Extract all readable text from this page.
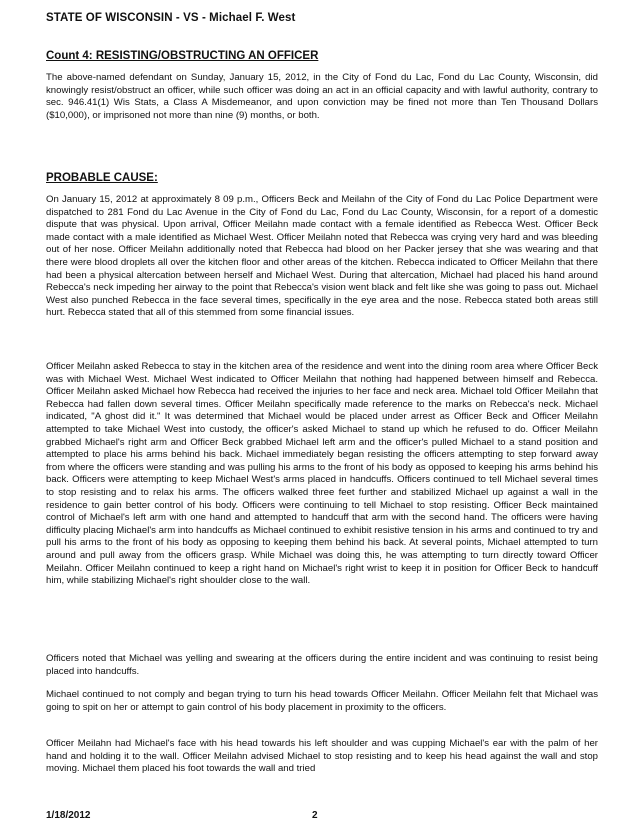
STATE OF WISCONSIN - VS - Michael F. West
Count 4: RESISTING/OBSTRUCTING AN OFFICER
The above-named defendant on Sunday, January 15, 2012, in the City of Fond du Lac, Fond du Lac County, Wisconsin, did knowingly resist/obstruct an officer, while such officer was doing an act in an official capacity and with lawful authority, contrary to sec. 946.41(1) Wis Stats, a Class A Misdemeanor, and upon conviction may be fined not more than Ten Thousand Dollars ($10,000), or imprisoned not more than nine (9) months, or both.
PROBABLE CAUSE:
On January 15, 2012 at approximately 8 09 p.m., Officers Beck and Meilahn of the City of Fond du Lac Police Department were dispatched to 281 Fond du Lac Avenue in the City of Fond du Lac, Fond du Lac County, Wisconsin, for a report of a domestic dispute that was physical. Upon arrival, Officer Meilahn made contact with a female identified as Rebecca West. Officer Beck made contact with a male identified as Michael West. Officer Meilahn noted that Rebecca was crying very hard and was bleeding out of her nose. Officer Meilahn additionally noted that Rebecca had blood on her Packer jersey that she was wearing and that there were blood droplets all over the kitchen floor and other areas of the kitchen. Rebecca indicated to Officer Meilahn that there had been a physical altercation between herself and Michael West. During that altercation, Michael had placed his hand around Rebecca's neck impeding her airway to the point that Rebecca's vision went black and felt like she was going to pass out. Michael West also punched Rebecca in the face several times, specifically in the eye area and the nose. Rebecca stated both areas still hurt. Rebecca stated that all of this stemmed from some financial issues.
Officer Meilahn asked Rebecca to stay in the kitchen area of the residence and went into the dining room area where Officer Beck was with Michael West. Michael West indicated to Officer Meilahn that nothing had happened between himself and Rebecca. Officer Meilahn asked Michael how Rebecca had received the injuries to her face and neck area. Michael told Officer Meilahn that Rebecca had fallen down several times. Officer Meilahn specifically made reference to the marks on Rebecca's neck. Michael indicated, "A ghost did it." It was determined that Michael would be placed under arrest as Officer Beck and Officer Meilahn attempted to take Michael West into custody, the officer's asked Michael to stand up which he refused to do. Officer Meilahn grabbed Michael's right arm and Officer Beck grabbed Michael left arm and the officer's pulled Michael to a stand position and attempted to place his arms behind his back. Michael immediately began resisting the officers attempting to step forward away from where the officers were standing and was pulling his arms to the front of his body as opposed to keeping his arms behind his back. Officers were attempting to keep Michael West's arms placed in handcuffs. Officers continued to tell Michael several times to stop resisting and to relax his arms. The officers walked three feet further and stabilized Michael up against a wall in the residence to gain better control of his body. Officers were continuing to tell Michael to stop resisting. Officer Beck maintained control of Michael's left arm with one hand and attempted to handcuff that arm with the second hand. The officers were having difficulty placing Michael's arm into handcuffs as Michael continued to exhibit resistive tension in his arms and continued to try and pull his arms to the front of his body as opposing to keeping them behind his back. At several points, Michael attempted to turn around and pull away from the officers grasp. While Michael was doing this, he was attempting to turn directly toward Officer Meilahn. Officer Meilahn continued to keep a right hand on Michael's right wrist to keep it in position for Officer Beck to handcuff him, while stabilizing Michael's right shoulder close to the wall.
Officers noted that Michael was yelling and swearing at the officers during the entire incident and was continuing to resist being placed into handcuffs.
Michael continued to not comply and began trying to turn his head towards Officer Meilahn. Officer Meilahn felt that Michael was going to spit on her or attempt to gain control of his body placement in proximity to the officers.
Officer Meilahn had Michael's face with his head towards his left shoulder and was cupping Michael's ear with the palm of her hand and holding it to the wall. Officer Meilahn advised Michael to stop resisting and to keep his head against the wall and stop moving. Michael them placed his foot towards the wall and tried
1/18/2012	2
